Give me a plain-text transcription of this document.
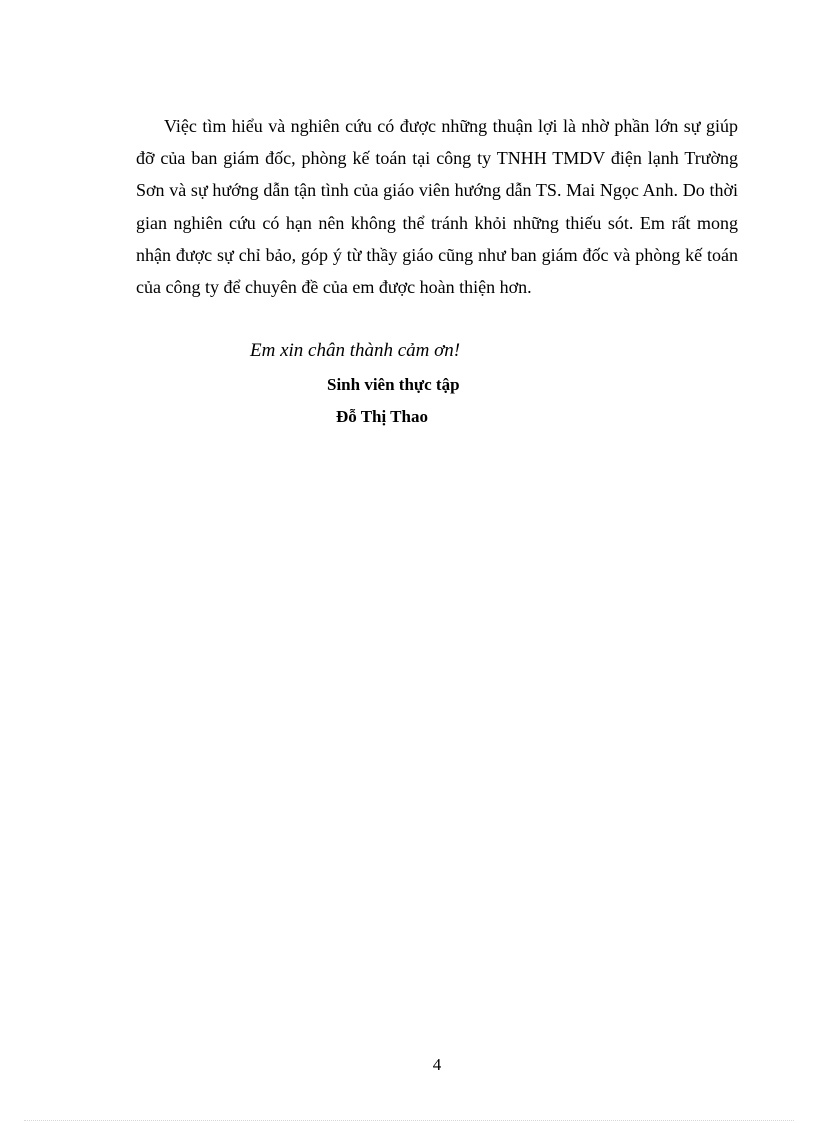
Việc tìm hiểu và nghiên cứu có được những thuận lợi là nhờ phần lớn sự giúp đỡ của ban giám đốc, phòng kế toán tại công ty TNHH TMDV điện lạnh Trường Sơn và sự hướng dẫn tận tình của giáo viên hướng dẫn TS. Mai Ngọc Anh. Do thời gian nghiên cứu có hạn nên không thể tránh khỏi những thiếu sót. Em rất mong nhận được sự chỉ bảo, góp ý từ thầy giáo cũng như ban giám đốc và phòng kế toán của công ty để chuyên đề của em được hoàn thiện hơn.

Em xin chân thành cảm ơn!

Sinh viên thực tập

Đỗ Thị Thao

4
